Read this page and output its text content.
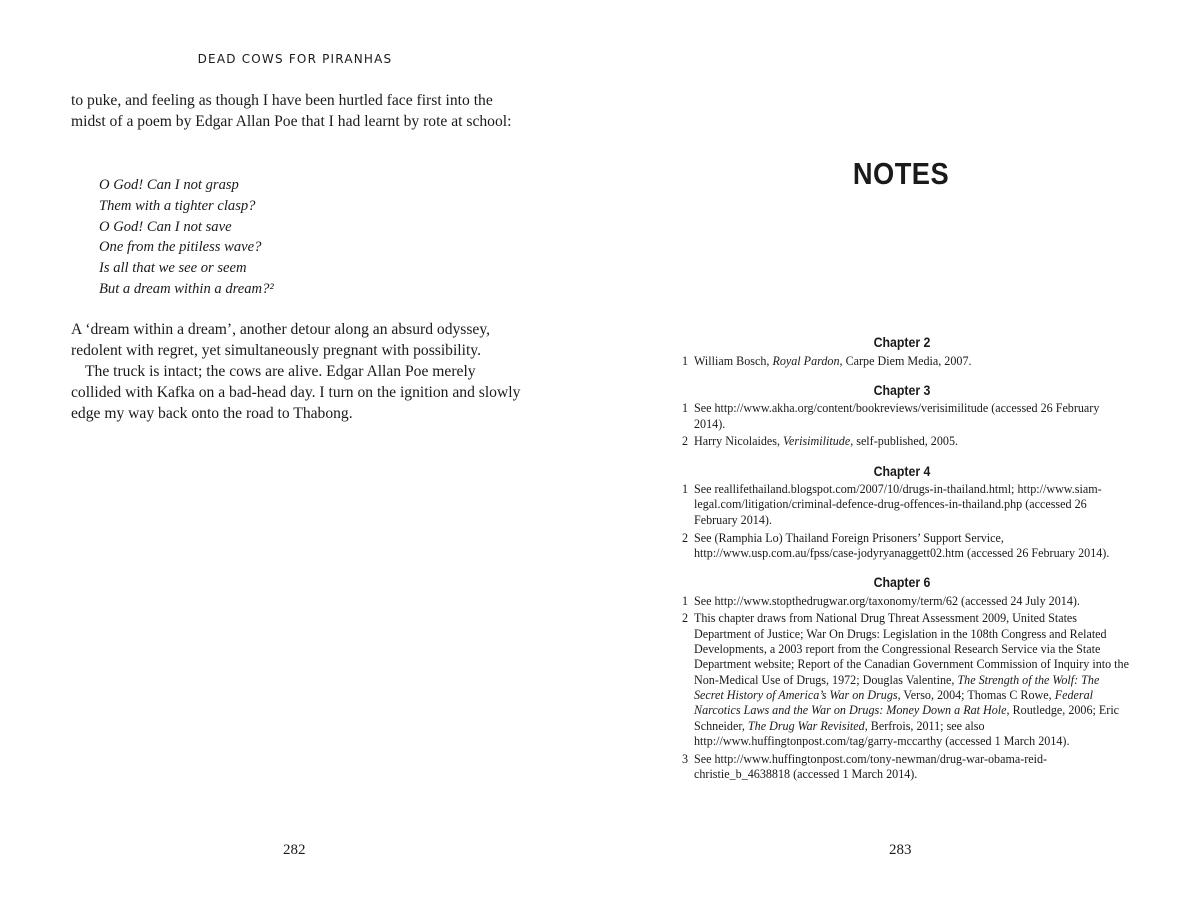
DEAD COWS FOR PIRANHAS

to puke, and feeling as though I have been hurtled face first into the midst of a poem by Edgar Allan Poe that I had learnt by rote at school:

O God! Can I not grasp
Them with a tighter clasp?
O God! Can I not save
One from the pitiless wave?
Is all that we see or seem
But a dream within a dream?²
A ‘dream within a dream’, another detour along an absurd odyssey, redolent with regret, yet simultaneously pregnant with possibility.
The truck is intact; the cows are alive. Edgar Allan Poe merely collided with Kafka on a bad-head day. I turn on the ignition and slowly edge my way back onto the road to Thabong.
282
NOTES
Chapter 2
1 William Bosch, Royal Pardon, Carpe Diem Media, 2007.
Chapter 3
1 See http://www.akha.org/content/bookreviews/verisimilitude (accessed 26 February 2014).
2 Harry Nicolaides, Verisimilitude, self-published, 2005.
Chapter 4
1 See reallifethailand.blogspot.com/2007/10/drugs-in-thailand.html; http://www.siam-legal.com/litigation/criminal-defence-drug-offences-in-thailand.php (accessed 26 February 2014).
2 See (Ramphia Lo) Thailand Foreign Prisoners’ Support Service, http://www.usp.com.au/fpss/case-jodyryanaggett02.htm (accessed 26 February 2014).
Chapter 6
1 See http://www.stopthedrugwar.org/taxonomy/term/62 (accessed 24 July 2014).
2 This chapter draws from National Drug Threat Assessment 2009, United States Department of Justice; War On Drugs: Legislation in the 108th Congress and Related Developments, a 2003 report from the Congressional Research Service via the State Department website; Report of the Canadian Government Commission of Inquiry into the Non-Medical Use of Drugs, 1972; Douglas Valentine, The Strength of the Wolf: The Secret History of America’s War on Drugs, Verso, 2004; Thomas C Rowe, Federal Narcotics Laws and the War on Drugs: Money Down a Rat Hole, Routledge, 2006; Eric Schneider, The Drug War Revisited, Berfrois, 2011; see also http://www.huffingtonpost.com/tag/garry-mccarthy (accessed 1 March 2014).
3 See http://www.huffingtonpost.com/tony-newman/drug-war-obama-reid-christie_b_4638818 (accessed 1 March 2014).
283
